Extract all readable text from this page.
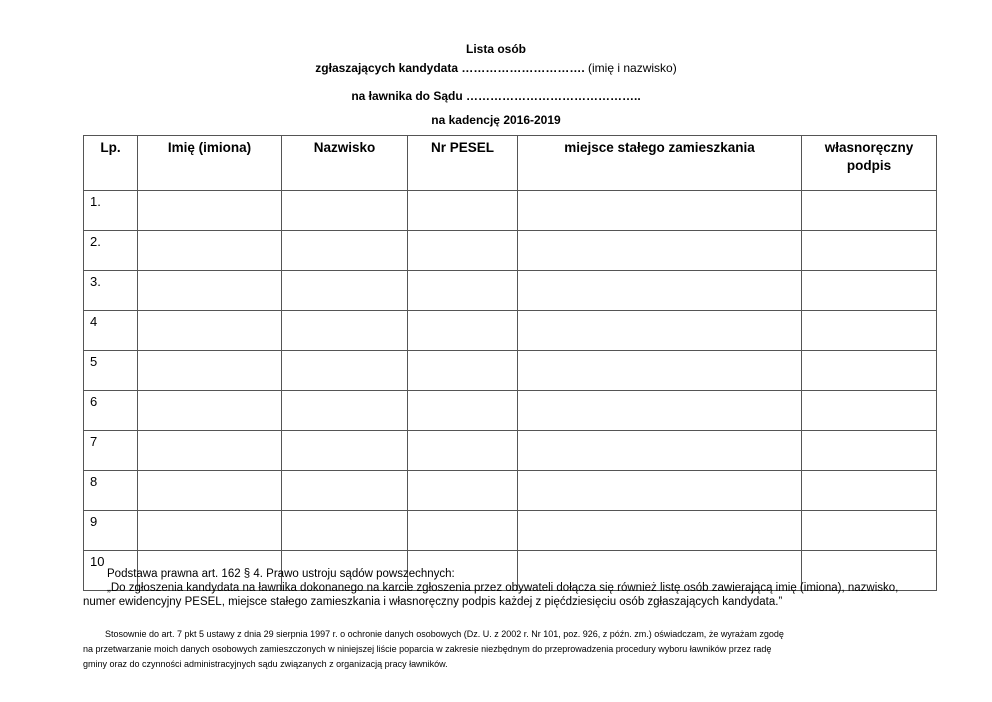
Lista osób
zgłaszających kandydata …………………………. (imię i nazwisko)
na ławnika do Sądu ……………………………………..
na kadencję 2016-2019
Lp.	Imię (imiona)	Nazwisko	Nr PESEL	miejsce stałego zamieszkania	własnoręczny podpis
1.					
2.					
3.					
4					
5					
6					
7					
8					
9					
10					
Podstawa prawna art. 162 § 4. Prawo ustroju sądów powszechnych:
„Do zgłoszenia kandydata na ławnika dokonanego na karcie zgłoszenia przez obywateli dołącza się również listę osób zawierającą imię (imiona), nazwisko,
numer ewidencyjny PESEL, miejsce stałego zamieszkania i własnoręczny podpis każdej z pięćdziesięciu osób zgłaszających kandydata.”
Stosownie do art. 7 pkt 5 ustawy z dnia 29 sierpnia 1997 r. o ochronie danych osobowych (Dz. U. z 2002 r. Nr 101, poz. 926, z późn. zm.) oświadczam, że wyrażam zgodę
na przetwarzanie moich danych osobowych zamieszczonych w niniejszej liście poparcia w zakresie niezbędnym do przeprowadzenia procedury wyboru ławników przez radę
gminy oraz do czynności administracyjnych sądu związanych z organizacją pracy ławników.
